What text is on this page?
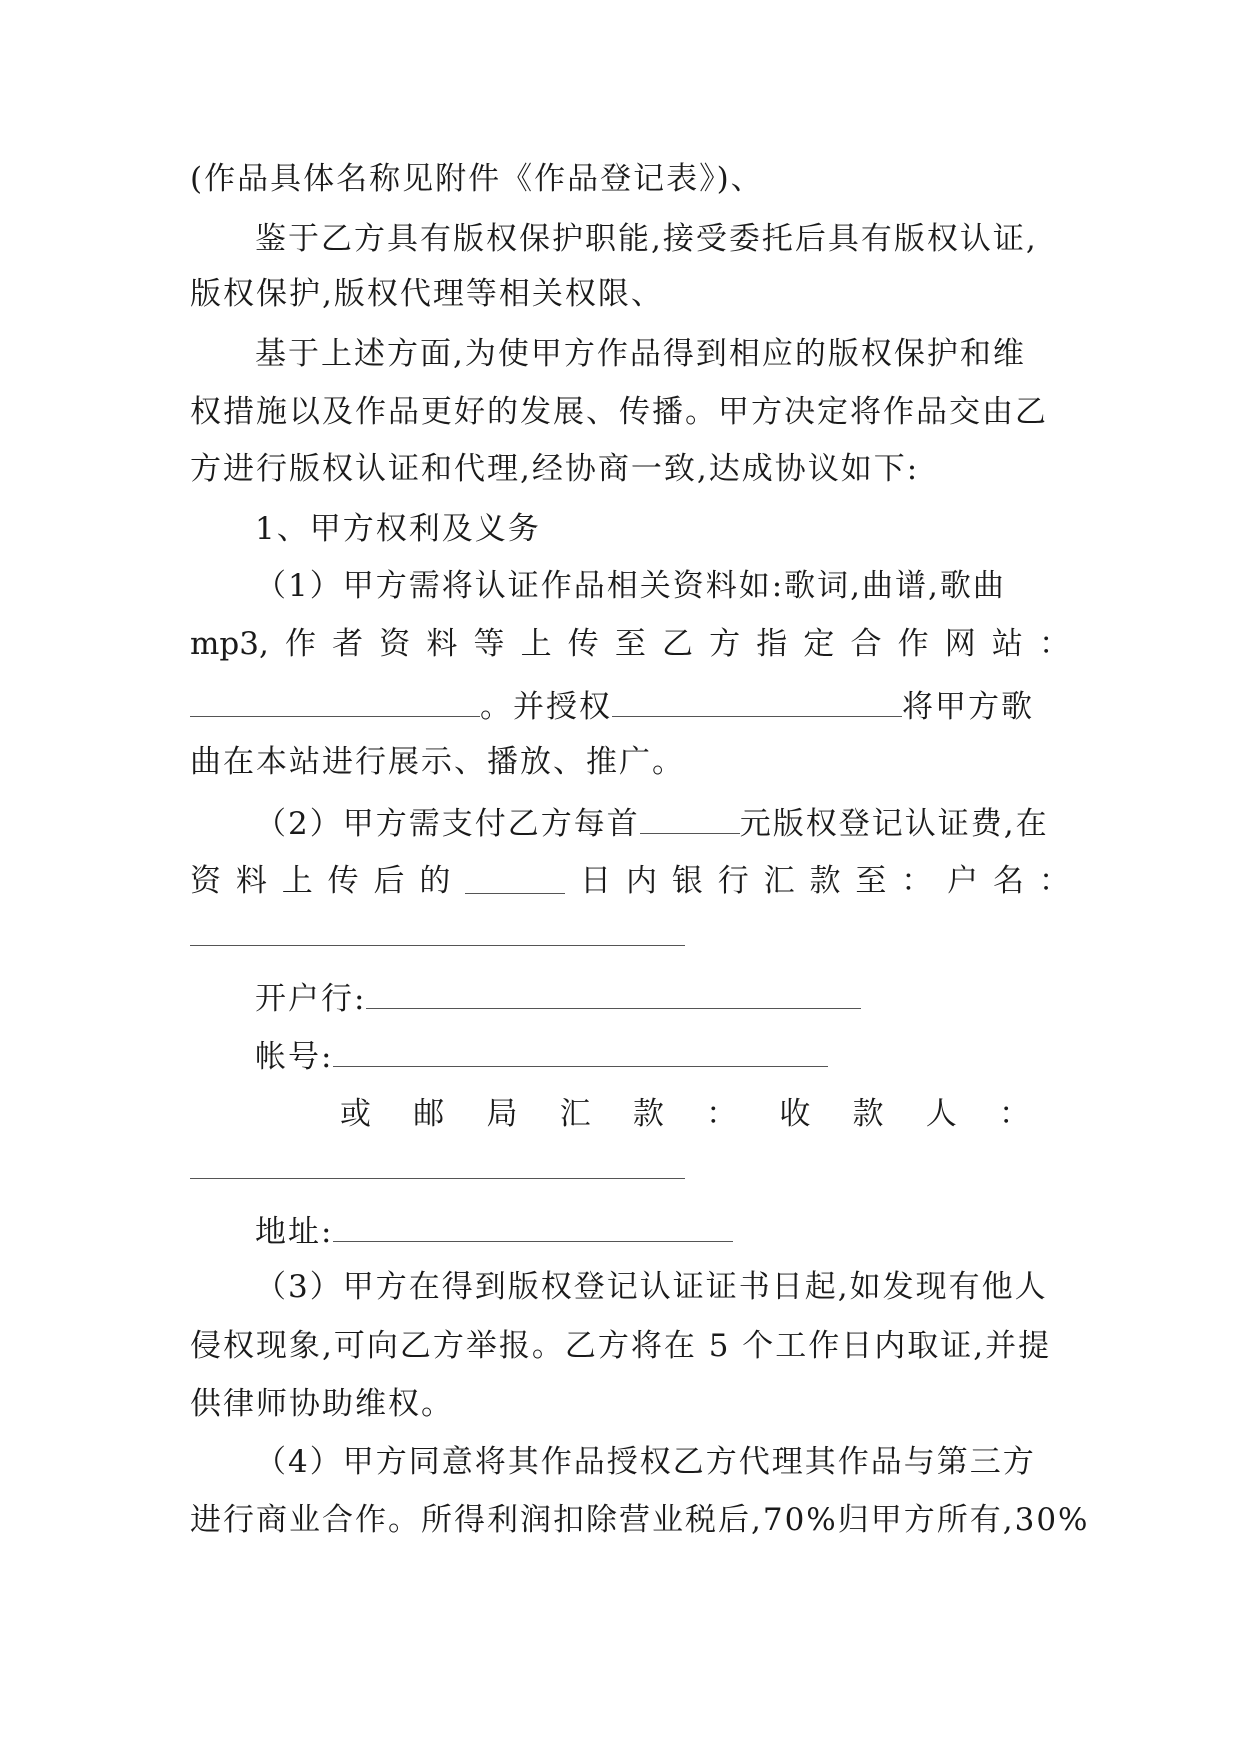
(作品具体名称见附件《作品登记表》)、
鉴于乙方具有版权保护职能,接受委托后具有版权认证,
版权保护,版权代理等相关权限、
基于上述方面,为使甲方作品得到相应的版权保护和维
权措施以及作品更好的发展、传播。甲方决定将作品交由乙
方进行版权认证和代理,经协商一致,达成协议如下:
1、甲方权利及义务
（1）甲方需将认证作品相关资料如:歌词,曲谱,歌曲
mp3, 作 者 资 料 等 上 传 至 乙 方 指 定 合 作 网 站 ：
。并授权	将甲方歌
曲在本站进行展示、播放、推广。
（2）甲方需支付乙方每首	元版权登记认证费,在
资 料 上 传 后 的	日 内 银 行 汇 款 至 ： 户 名 ：
开户行:
帐号:
或 邮 局 汇 款 ： 收 款 人 ：
地址:
（3）甲方在得到版权登记认证证书日起,如发现有他人
侵权现象,可向乙方举报。乙方将在 5 个工作日内取证,并提
供律师协助维权。
（4）甲方同意将其作品授权乙方代理其作品与第三方
进行商业合作。所得利润扣除营业税后,70%归甲方所有,30%
